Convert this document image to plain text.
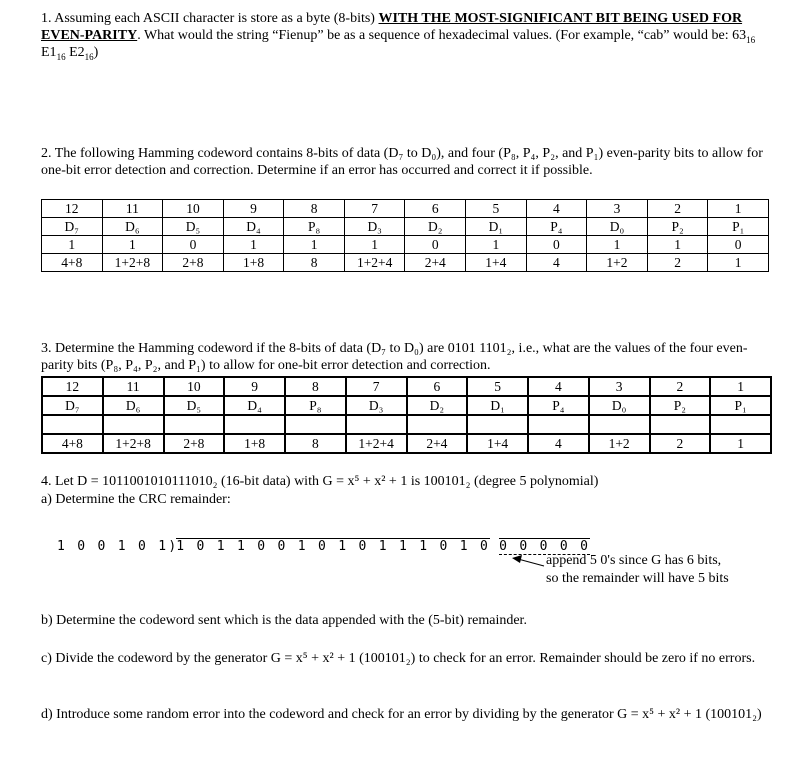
1. Assuming each ASCII character is store as a byte (8-bits) WITH THE MOST-SIGNIFICANT BIT BEING USED FOR EVEN-PARITY. What would the string “Fienup” be as a sequence of hexadecimal values. (For example, “cab” would be: $63_{16}$ $E1_{16}$ $E2_{16}$)
2. The following Hamming codeword contains 8-bits of data (D₇ to D₀), and four (P₈, P₄, P₂, and P₁) even-parity bits to allow for one-bit error detection and correction. Determine if an error has occurred and correct it if possible.
12	11	10	9	8	7	6	5	4	3	2	1
D₇	D₆	D₅	D₄	P₈	D₃	D₂	D₁	P₄	D₀	P₂	P₁
1	1	0	1	1	1	0	1	0	1	1	0
4+8	1+2+8	2+8	1+8	8	1+2+4	2+4	1+4	4	1+2	2	1
3. Determine the Hamming codeword if the 8-bits of data (D₇ to D₀) are 0101 1101₂, i.e., what are the values of the four even-parity bits (P₈, P₄, P₂, and P₁) to allow for one-bit error detection and correction.
12	11	10	9	8	7	6	5	4	3	2	1
D₇	D₆	D₅	D₄	P₈	D₃	D₂	D₁	P₄	D₀	P₂	P₁

4+8	1+2+8	2+8	1+8	8	1+2+4	2+4	1+4	4	1+2	2	1
4. Let D = 1011001010111010₂ (16-bit data) with G = x⁵ + x² + 1 is 100101₂ (degree 5 polynomial)
a) Determine the CRC remainder:
1 0 0 1 0 1)1 0 1 1 0 0 1 0 1 0 1 1 1 0 1 0 0 0 0 0 0
append 5 0's since G has 6 bits,
so the remainder will have 5 bits
b) Determine the codeword sent which is the data appended with the (5-bit) remainder.
c) Divide the codeword by the generator G = x⁵ + x² + 1 (100101₂) to check for an error. Remainder should be zero if no errors.
d) Introduce some random error into the codeword and check for an error by dividing by the generator G = x⁵ + x² + 1 (100101₂)
